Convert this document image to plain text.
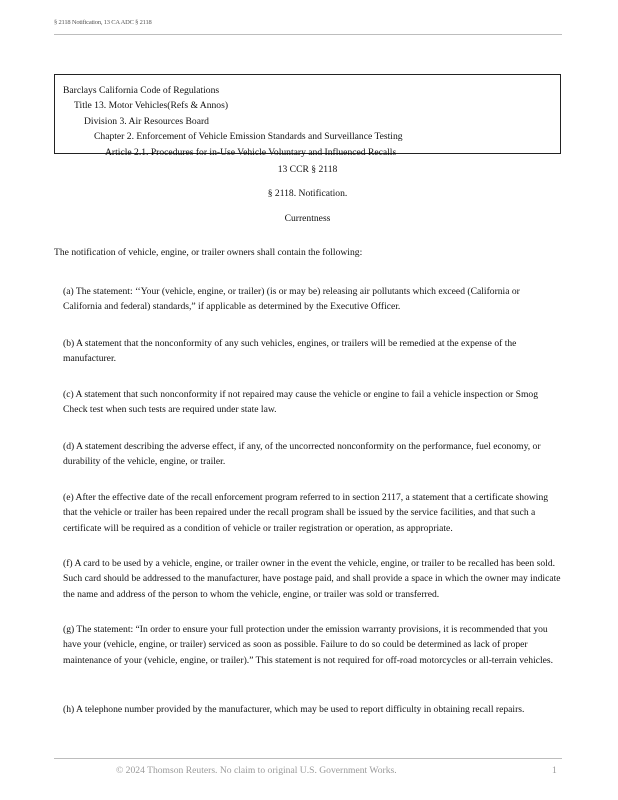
§ 2118 Notification, 13 CA ADC § 2118
Barclays California Code of Regulations
Title 13. Motor Vehicles(Refs & Annos)
Division 3. Air Resources Board
Chapter 2. Enforcement of Vehicle Emission Standards and Surveillance Testing
Article 2.1. Procedures for in-Use Vehicle Voluntary and Influenced Recalls
13 CCR § 2118
§ 2118. Notification.
Currentness
The notification of vehicle, engine, or trailer owners shall contain the following:
(a) The statement: ‘‘Your (vehicle, engine, or trailer) (is or may be) releasing air pollutants which exceed (California or California and federal) standards,” if applicable as determined by the Executive Officer.
(b) A statement that the nonconformity of any such vehicles, engines, or trailers will be remedied at the expense of the manufacturer.
(c) A statement that such nonconformity if not repaired may cause the vehicle or engine to fail a vehicle inspection or Smog Check test when such tests are required under state law.
(d) A statement describing the adverse effect, if any, of the uncorrected nonconformity on the performance, fuel economy, or durability of the vehicle, engine, or trailer.
(e) After the effective date of the recall enforcement program referred to in section 2117, a statement that a certificate showing that the vehicle or trailer has been repaired under the recall program shall be issued by the service facilities, and that such a certificate will be required as a condition of vehicle or trailer registration or operation, as appropriate.
(f) A card to be used by a vehicle, engine, or trailer owner in the event the vehicle, engine, or trailer to be recalled has been sold. Such card should be addressed to the manufacturer, have postage paid, and shall provide a space in which the owner may indicate the name and address of the person to whom the vehicle, engine, or trailer was sold or transferred.
(g) The statement: “In order to ensure your full protection under the emission warranty provisions, it is recommended that you have your (vehicle, engine, or trailer) serviced as soon as possible. Failure to do so could be determined as lack of proper maintenance of your (vehicle, engine, or trailer).” This statement is not required for off-road motorcycles or all-terrain vehicles.
(h) A telephone number provided by the manufacturer, which may be used to report difficulty in obtaining recall repairs.
© 2024 Thomson Reuters. No claim to original U.S. Government Works.	1
